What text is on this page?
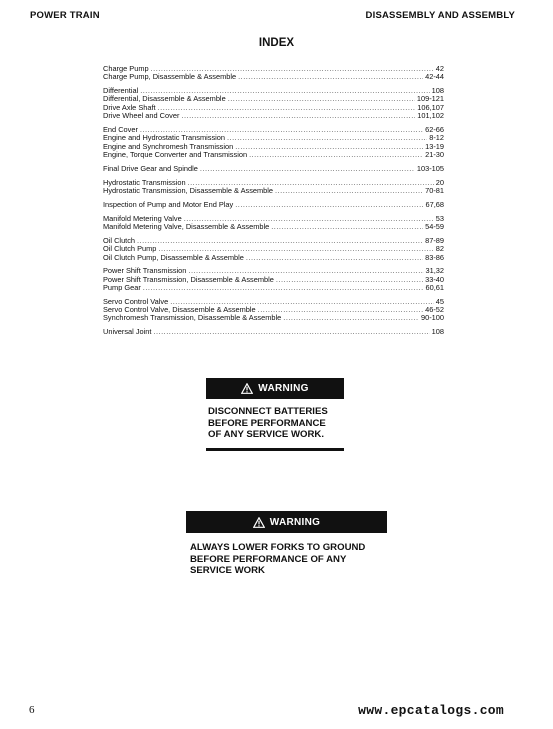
POWER TRAIN	DISASSEMBLY AND ASSEMBLY
INDEX
Charge Pump .....	42
Charge Pump, Disassemble & Assemble .....	42-44
Differential .....	108
Differential, Disassemble & Assemble .....	109-121
Drive Axle Shaft .....	106,107
Drive Wheel and Cover .....	101,102
End Cover .....	62-66
Engine and Hydrostatic Transmission .....	8-12
Engine and Synchromesh Transmission .....	13-19
Engine, Torque Converter and Transmission .....	21-30
Final Drive Gear and Spindle .....	103-105
Hydrostatic Transmission .....	20
Hydrostatic Transmission, Disassemble & Assemble .....	70-81
Inspection of Pump and Motor End Play .....	67,68
Manifold Metering Valve .....	53
Manifold Metering Valve, Disassemble & Assemble .....	54-59
Oil Clutch .....	87-89
Oil Clutch Pump .....	82
Oil Clutch Pump, Disassemble & Assemble .....	83-86
Power Shift Transmission .....	31,32
Power Shift Transmission, Disassemble & Assemble .....	33-40
Pump Gear .....	60,61
Servo Control Valve .....	45
Servo Control Valve, Disassemble & Assemble .....	46-52
Synchromesh Transmission, Disassemble & Assemble .....	90-100
Universal Joint .....	108
WARNING
DISCONNECT BATTERIES
BEFORE PERFORMANCE
OF ANY SERVICE WORK.
WARNING
ALWAYS LOWER FORKS TO GROUND
BEFORE PERFORMANCE OF ANY
SERVICE WORK
6	www.epcatalogs.com
